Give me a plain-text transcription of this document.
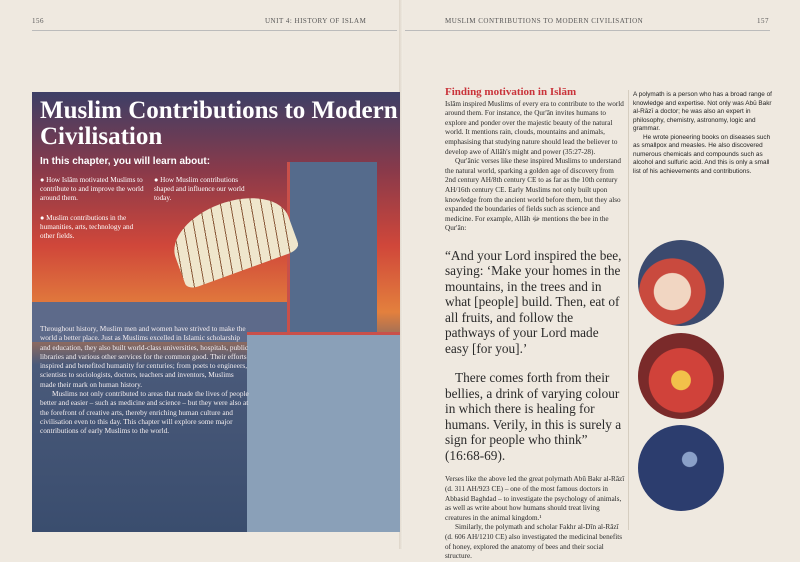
156	UNIT 4: HISTORY OF ISLAM	MUSLIM CONTRIBUTIONS TO MODERN CIVILISATION	157
Muslim Contributions to Modern Civilisation
In this chapter, you will learn about:
● How Islām motivated Muslims to contribute to and improve the world around them.
● How Muslim contributions shaped and influence our world today.
● Muslim contributions in the humanities, arts, technology and other fields.

Throughout history, Muslim men and women have strived to make the world a better place. Just as Muslims excelled in Islamic scholarship and education, they also built world-class universities, hospitals, public libraries and various other services for the common good. Their efforts inspired and benefited humanity for centuries; from poets to engineers, scientists to sociologists, doctors, teachers and inventors, Muslims made their mark on human history.

Muslims not only contributed to areas that made the lives of people better and easier – such as medicine and science – but they were also at the forefront of creative arts, thereby enriching human culture and civilisation even to this day. This chapter will explore some major contributions of early Muslims to the world.

Finding motivation in Islām

Islām inspired Muslims of every era to contribute to the world around them. For instance, the Qur'ān invites humans to explore and ponder over the majestic beauty of the natural world. It mentions rain, clouds, mountains and animals, emphasising that studying nature should lead the believer to develop awe of Allāh's might and power (35:27-28).

Qur'ānic verses like these inspired Muslims to understand the natural world, sparking a golden age of discovery from 2nd century AH/8th century CE to as far as the 10th century AH/16th century CE. Early Muslims not only built upon knowledge from the ancient world before them, but they also expanded the boundaries of fields such as science and medicine. For example, Allāh ﷻ mentions the bee in the Qur'ān:

“And your Lord inspired the bee, saying: ‘Make your homes in the mountains, in the trees and in what [people] build. Then, eat of all fruits, and follow the pathways of your Lord made easy [for you].’

There comes forth from their bellies, a drink of varying colour in which there is healing for humans. Verily, in this is surely a sign for people who think” (16:68-69).

Verses like the above led the great polymath Abū Bakr al-Rāzī (d. 311 AH/923 CE) – one of the most famous doctors in Abbasid Baghdad – to investigate the psychology of animals, as well as write about how humans should treat living creatures in the animal kingdom.¹

Similarly, the polymath and scholar Fakhr al-Dīn al-Rāzī (d. 606 AH/1210 CE) also investigated the medicinal benefits of honey, explored the anatomy of bees and their social structure.

A polymath is a person who has a broad range of knowledge and expertise. Not only was Abū Bakr al-Rāzī a doctor; he was also an expert in philosophy, chemistry, astronomy, logic and grammar.

He wrote pioneering books on diseases such as smallpox and measles. He also discovered numerous chemicals and compounds such as alcohol and sulfuric acid. And this is only a small list of his achievements and contributions.
